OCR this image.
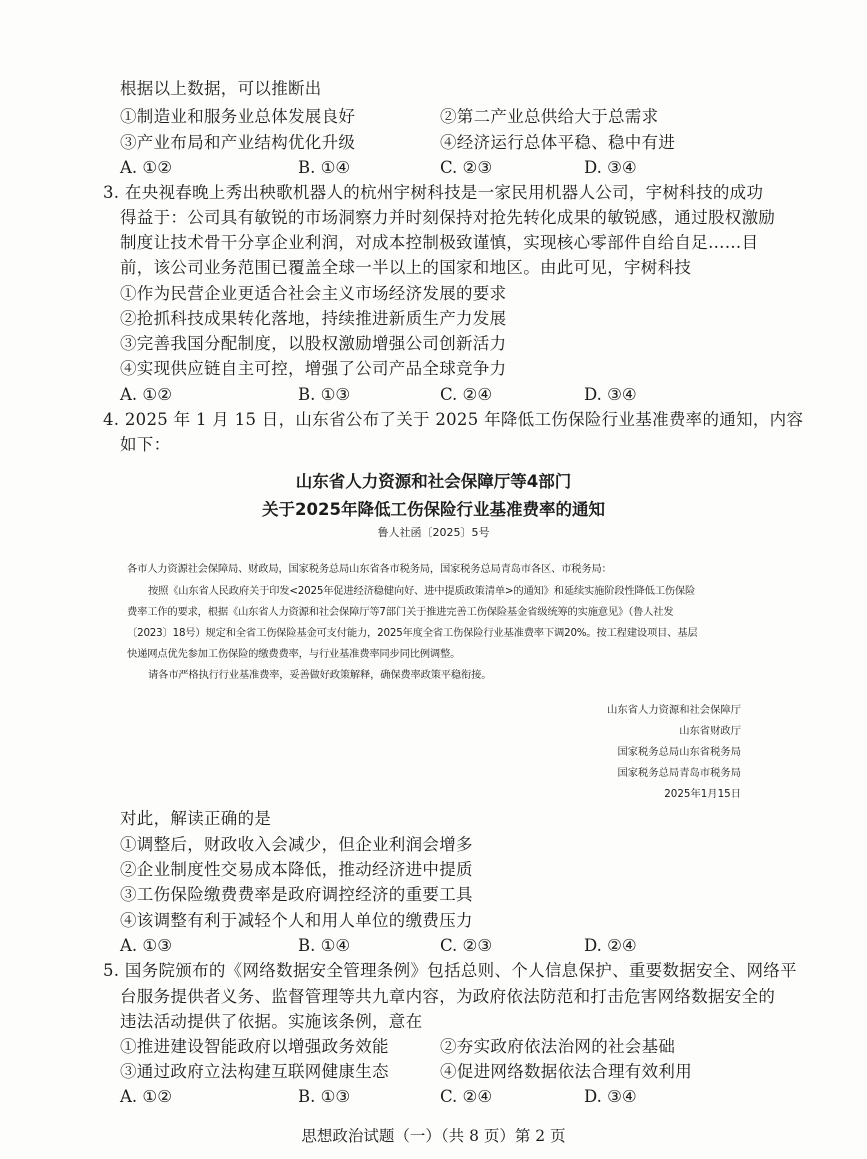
根据以上数据，可以推断出
①制造业和服务业总体发展良好	②第二产业总供给大于总需求
③产业布局和产业结构优化升级	④经济运行总体平稳、稳中有进
A. ①②	B. ①④	C. ②③	D. ③④
3. 在央视春晚上秀出秧歌机器人的杭州宇树科技是一家民用机器人公司，宇树科技的成功
得益于：公司具有敏锐的市场洞察力并时刻保持对抢先转化成果的敏锐感，通过股权激励
制度让技术骨干分享企业利润，对成本控制极致谨慎，实现核心零部件自给自足……目
前，该公司业务范围已覆盖全球一半以上的国家和地区。由此可见，宇树科技
①作为民营企业更适合社会主义市场经济发展的要求
②抢抓科技成果转化落地，持续推进新质生产力发展
③完善我国分配制度，以股权激励增强公司创新活力
④实现供应链自主可控，增强了公司产品全球竞争力
A. ①②	B. ①③	C. ②④	D. ③④
4. 2025 年 1 月 15 日，山东省公布了关于 2025 年降低工伤保险行业基准费率的通知，内容
如下：
山东省人力资源和社会保障厅等4部门
关于2025年降低工伤保险行业基准费率的通知
鲁人社函〔2025〕5号
各市人力资源社会保障局、财政局，国家税务总局山东省各市税务局，国家税务总局青岛市各区、市税务局：
按照《山东省人民政府关于印发<2025年促进经济稳健向好、进中提质政策清单>的通知》和延续实施阶段性降低工伤保险
费率工作的要求，根据《山东省人力资源和社会保障厅等7部门关于推进完善工伤保险基金省级统筹的实施意见》（鲁人社发
〔2023〕18号）规定和全省工伤保险基金可支付能力，2025年度全省工伤保险行业基准费率下调20%。按工程建设项目、基层
快递网点优先参加工伤保险的缴费费率，与行业基准费率同步同比例调整。
请各市严格执行行业基准费率，妥善做好政策解释，确保费率政策平稳衔接。
山东省人力资源和社会保障厅
山东省财政厅
国家税务总局山东省税务局
国家税务总局青岛市税务局
2025年1月15日
对此，解读正确的是
①调整后，财政收入会减少，但企业利润会增多
②企业制度性交易成本降低，推动经济进中提质
③工伤保险缴费费率是政府调控经济的重要工具
④该调整有利于减轻个人和用人单位的缴费压力
A. ①③	B. ①④	C. ②③	D. ②④
5. 国务院颁布的《网络数据安全管理条例》包括总则、个人信息保护、重要数据安全、网络平
台服务提供者义务、监督管理等共九章内容，为政府依法防范和打击危害网络数据安全的
违法活动提供了依据。实施该条例，意在
①推进建设智能政府以增强政务效能	②夯实政府依法治网的社会基础
③通过政府立法构建互联网健康生态	④促进网络数据依法合理有效利用
A. ①②	B. ①③	C. ②④	D. ③④
思想政治试题（一）（共 8 页）第 2 页
